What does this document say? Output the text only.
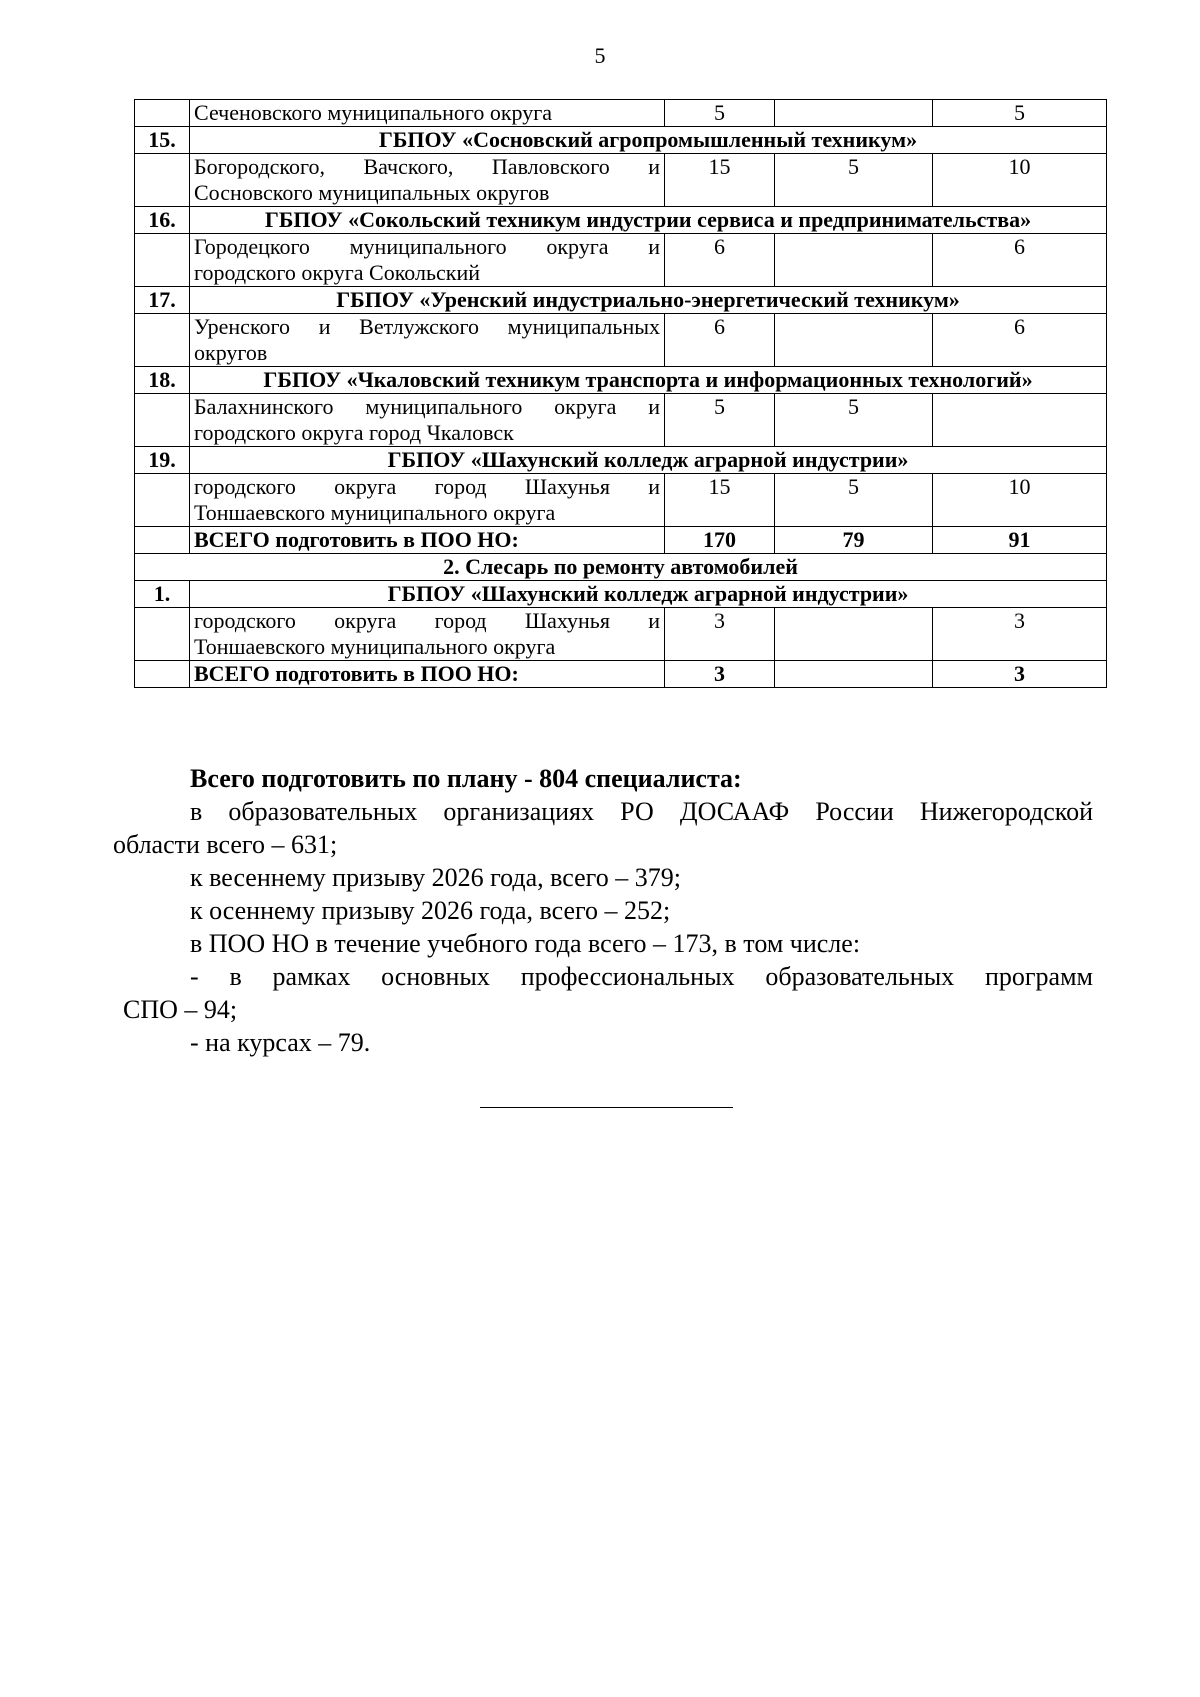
5

	Сеченовского муниципального округа	5		5
15.	ГБПОУ «Сосновский агропромышленный техникум»			

	Богородского, Вачского, Павловского и
Сосновского муниципальных округов	15	5	10
16.	ГБПОУ «Сокольский техникум индустрии сервиса и предпринимательства»			

	Городецкого муниципального округа и
городского округа Сокольский	6		6
17.	ГБПОУ «Уренский индустриально-энергетический техникум»			

	Уренского и Ветлужского муниципальных
округов	6		6
18.	ГБПОУ «Чкаловский техникум транспорта и информационных технологий»			

	Балахнинского муниципального округа и
городского округа город Чкаловск	5	5	
19.	ГБПОУ «Шахунский колледж аграрной индустрии»			

	городского округа город Шахунья и
Тоншаевского муниципального округа	15	5	10
	ВСЕГО подготовить в ПОО НО:	170	79	91
2. Слесарь по ремонту автомобилей				
1.	ГБПОУ «Шахунский колледж аграрной индустрии»			

	городского округа город Шахунья и
Тоншаевского муниципального округа	3		3
	ВСЕГО подготовить в ПОО НО:	3		3

Всего подготовить по плану - 804 специалиста:

в образовательных организациях РО ДОСААФ России Нижегородской

области всего – 631;

к весеннему призыву 2026 года, всего – 379;

к осеннему призыву 2026 года, всего – 252;

в ПОО НО в течение учебного года всего – 173, в том числе:

- в рамках основных профессиональных образовательных программ

СПО – 94;

- на курсах – 79.
